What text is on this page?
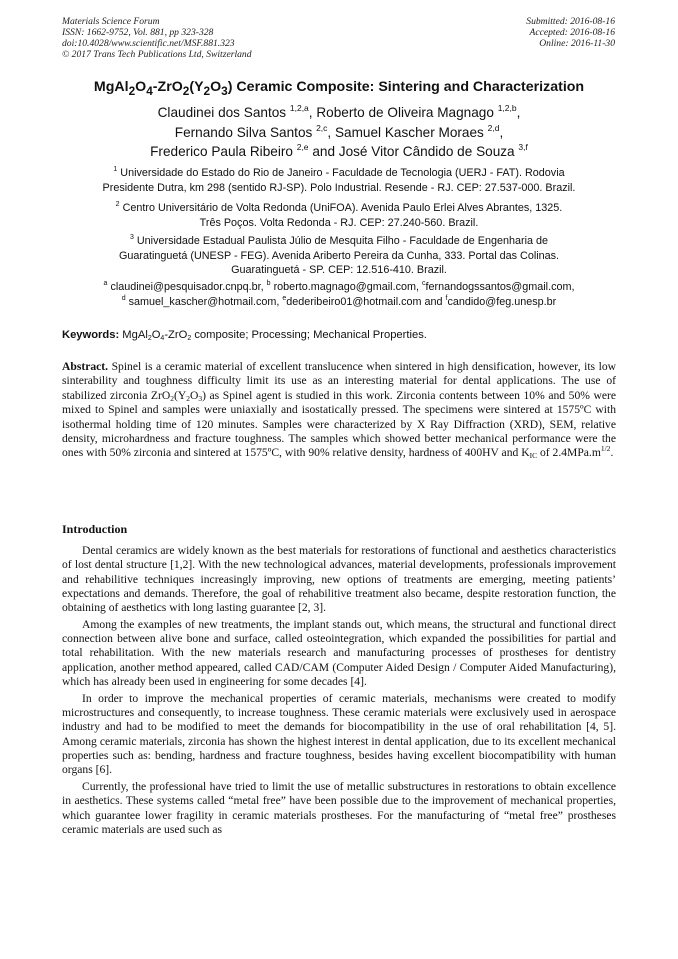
Materials Science Forum
ISSN: 1662-9752, Vol. 881, pp 323-328
doi:10.4028/www.scientific.net/MSF.881.323
© 2017 Trans Tech Publications Ltd, Switzerland
Submitted: 2016-08-16
Accepted: 2016-08-16
Online: 2016-11-30
$MgAl_2O_4-ZrO_2(Y_2O_3)$ Ceramic Composite: Sintering and Characterization
Claudinei dos Santos $^{1,2,a}$, Roberto de Oliveira Magnago $^{1,2,b}$,
Fernando Silva Santos $^{2,c}$, Samuel Kascher Moraes $^{2,d}$,
Frederico Paula Ribeiro $^{2,e}$ and José Vitor Cândido de Souza $^{3,f}$
$^1$ Universidade do Estado do Rio de Janeiro - Faculdade de Tecnologia (UERJ - FAT). Rodovia
Presidente Dutra, km 298 (sentido RJ-SP). Polo Industrial. Resende - RJ. CEP: 27.537-000. Brazil.
$^2$ Centro Universitário de Volta Redonda (UniFOA). Avenida Paulo Erlei Alves Abrantes, 1325.
Três Poços. Volta Redonda - RJ. CEP: 27.240-560. Brazil.
$^3$ Universidade Estadual Paulista Júlio de Mesquita Filho - Faculdade de Engenharia de
Guaratinguetá (UNESP - FEG). Avenida Ariberto Pereira da Cunha, 333. Portal das Colinas.
Guaratinguetá - SP. CEP: 12.516-410. Brazil.
$^a$ claudinei@pesquisador.cnpq.br, $^b$ roberto.magnago@gmail.com, $^c$fernandogssantos@gmail.com,
$^d$ samuel_kascher@hotmail.com, $^e$dederibeiro01@hotmail.com and $^f$candido@feg.unesp.br
Keywords: $MgAl_2O_4-ZrO_2$ composite; Processing; Mechanical Properties.
Abstract. Spinel is a ceramic material of excellent translucence when sintered in high densification, however, its low sinterability and toughness difficulty limit its use as an interesting material for dental applications. The use of stabilized zirconia $ZrO_2(Y_2O_3)$ as Spinel agent is studied in this work. Zirconia contents between 10% and 50% were mixed to Spinel and samples were uniaxially and isostatically pressed. The specimens were sintered at 1575ºC with isothermal holding time of 120 minutes. Samples were characterized by X Ray Diffraction (XRD), SEM, relative density, microhardness and fracture toughness. The samples which showed better mechanical performance were the ones with 50% zirconia and sintered at 1575ºC, with 90% relative density, hardness of 400HV and $K_{IC}$ of $2.4MPa.m^{1/2}$.
Introduction

Dental ceramics are widely known as the best materials for restorations of functional and aesthetics characteristics of lost dental structure [1,2]. With the new technological advances, material developments, professionals improvement and rehabilitive techniques increasingly improving, new options of treatments are emerging, meeting patients’ expectations and demands. Therefore, the goal of rehabilitive treatment also became, despite restoration function, the obtaining of aesthetics with long lasting guarantee [2, 3].

Among the examples of new treatments, the implant stands out, which means, the structural and functional direct connection between alive bone and surface, called osteointegration, which expanded the possibilities for partial and total rehabilitation. With the new materials research and manufacturing processes of prostheses for dentistry application, another method appeared, called CAD/CAM (Computer Aided Design / Computer Aided Manufacturing), which has already been used in engineering for some decades [4].

In order to improve the mechanical properties of ceramic materials, mechanisms were created to modify microstructures and consequently, to increase toughness. These ceramic materials were exclusively used in aerospace industry and had to be modified to meet the demands for biocompatibility in the use of oral rehabilitation [4, 5]. Among ceramic materials, zirconia has shown the highest interest in dental application, due to its excellent mechanical properties such as: bending, hardness and fracture toughness, besides having excellent biocompatibility with human organs [6].

Currently, the professional have tried to limit the use of metallic substructures in restorations to obtain excellence in aesthetics. These systems called “metal free” have been possible due to the improvement of mechanical properties, which guarantee lower fragility in ceramic materials prostheses. For the manufacturing of “metal free” prostheses ceramic materials are used such as
